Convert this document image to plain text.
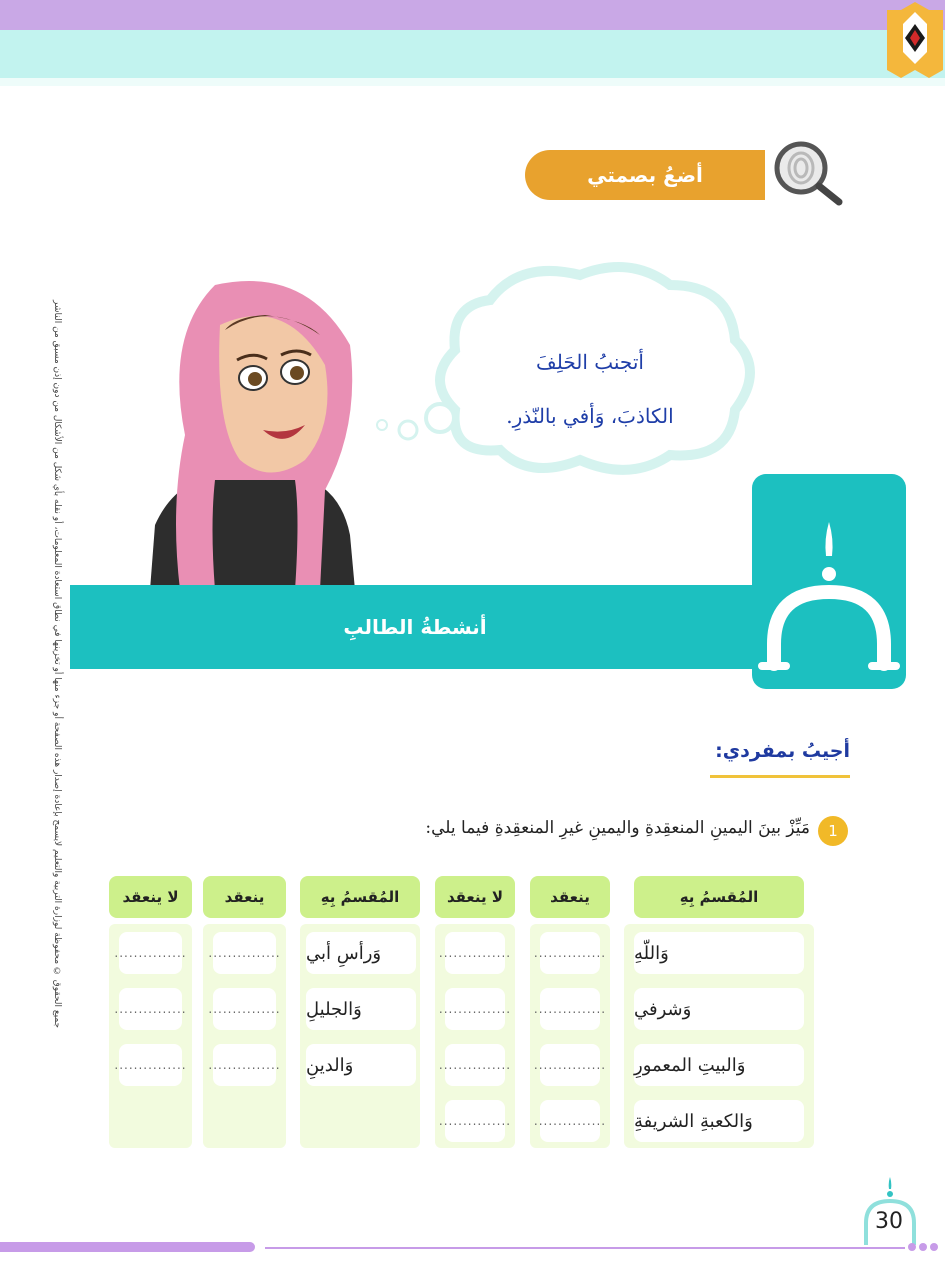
جميع الحقوق © محفوظة لوزارة التربية والتعليم لايسمح بإعادة إصدار هذه الصفحة أو جزء منها أو تخزينها في نطاق استعادة المعلومات، أو نقله بأي شكل من الأشكال من دون إذن مسبق من الناشر
أضعُ بصمتي
أتجنبُ الحَلِفَ
الكاذبَ، وَأفي بالنّذرِ.
أنشطةُ الطالبِ
أجيبُ بمفردي:
1
مَيِّزْ بينَ اليمينِ المنعقِدةِ واليمينِ غيرِ المنعقِدةِ فيما يلي:
المُقسمُ بِهِ
ينعقد
لا ينعقد
وَاللّهِ
وَشرفي
وَالبيتِ المعمورِ
وَالكعبةِ الشريفةِ
...............
...............
...............
...............
...............
...............
...............
...............
المُقسمُ بِهِ
ينعقد
لا ينعقد
وَرأسِ أبي
وَالجليلِ
وَالدينِ
...............
...............
...............
...............
...............
...............
30
